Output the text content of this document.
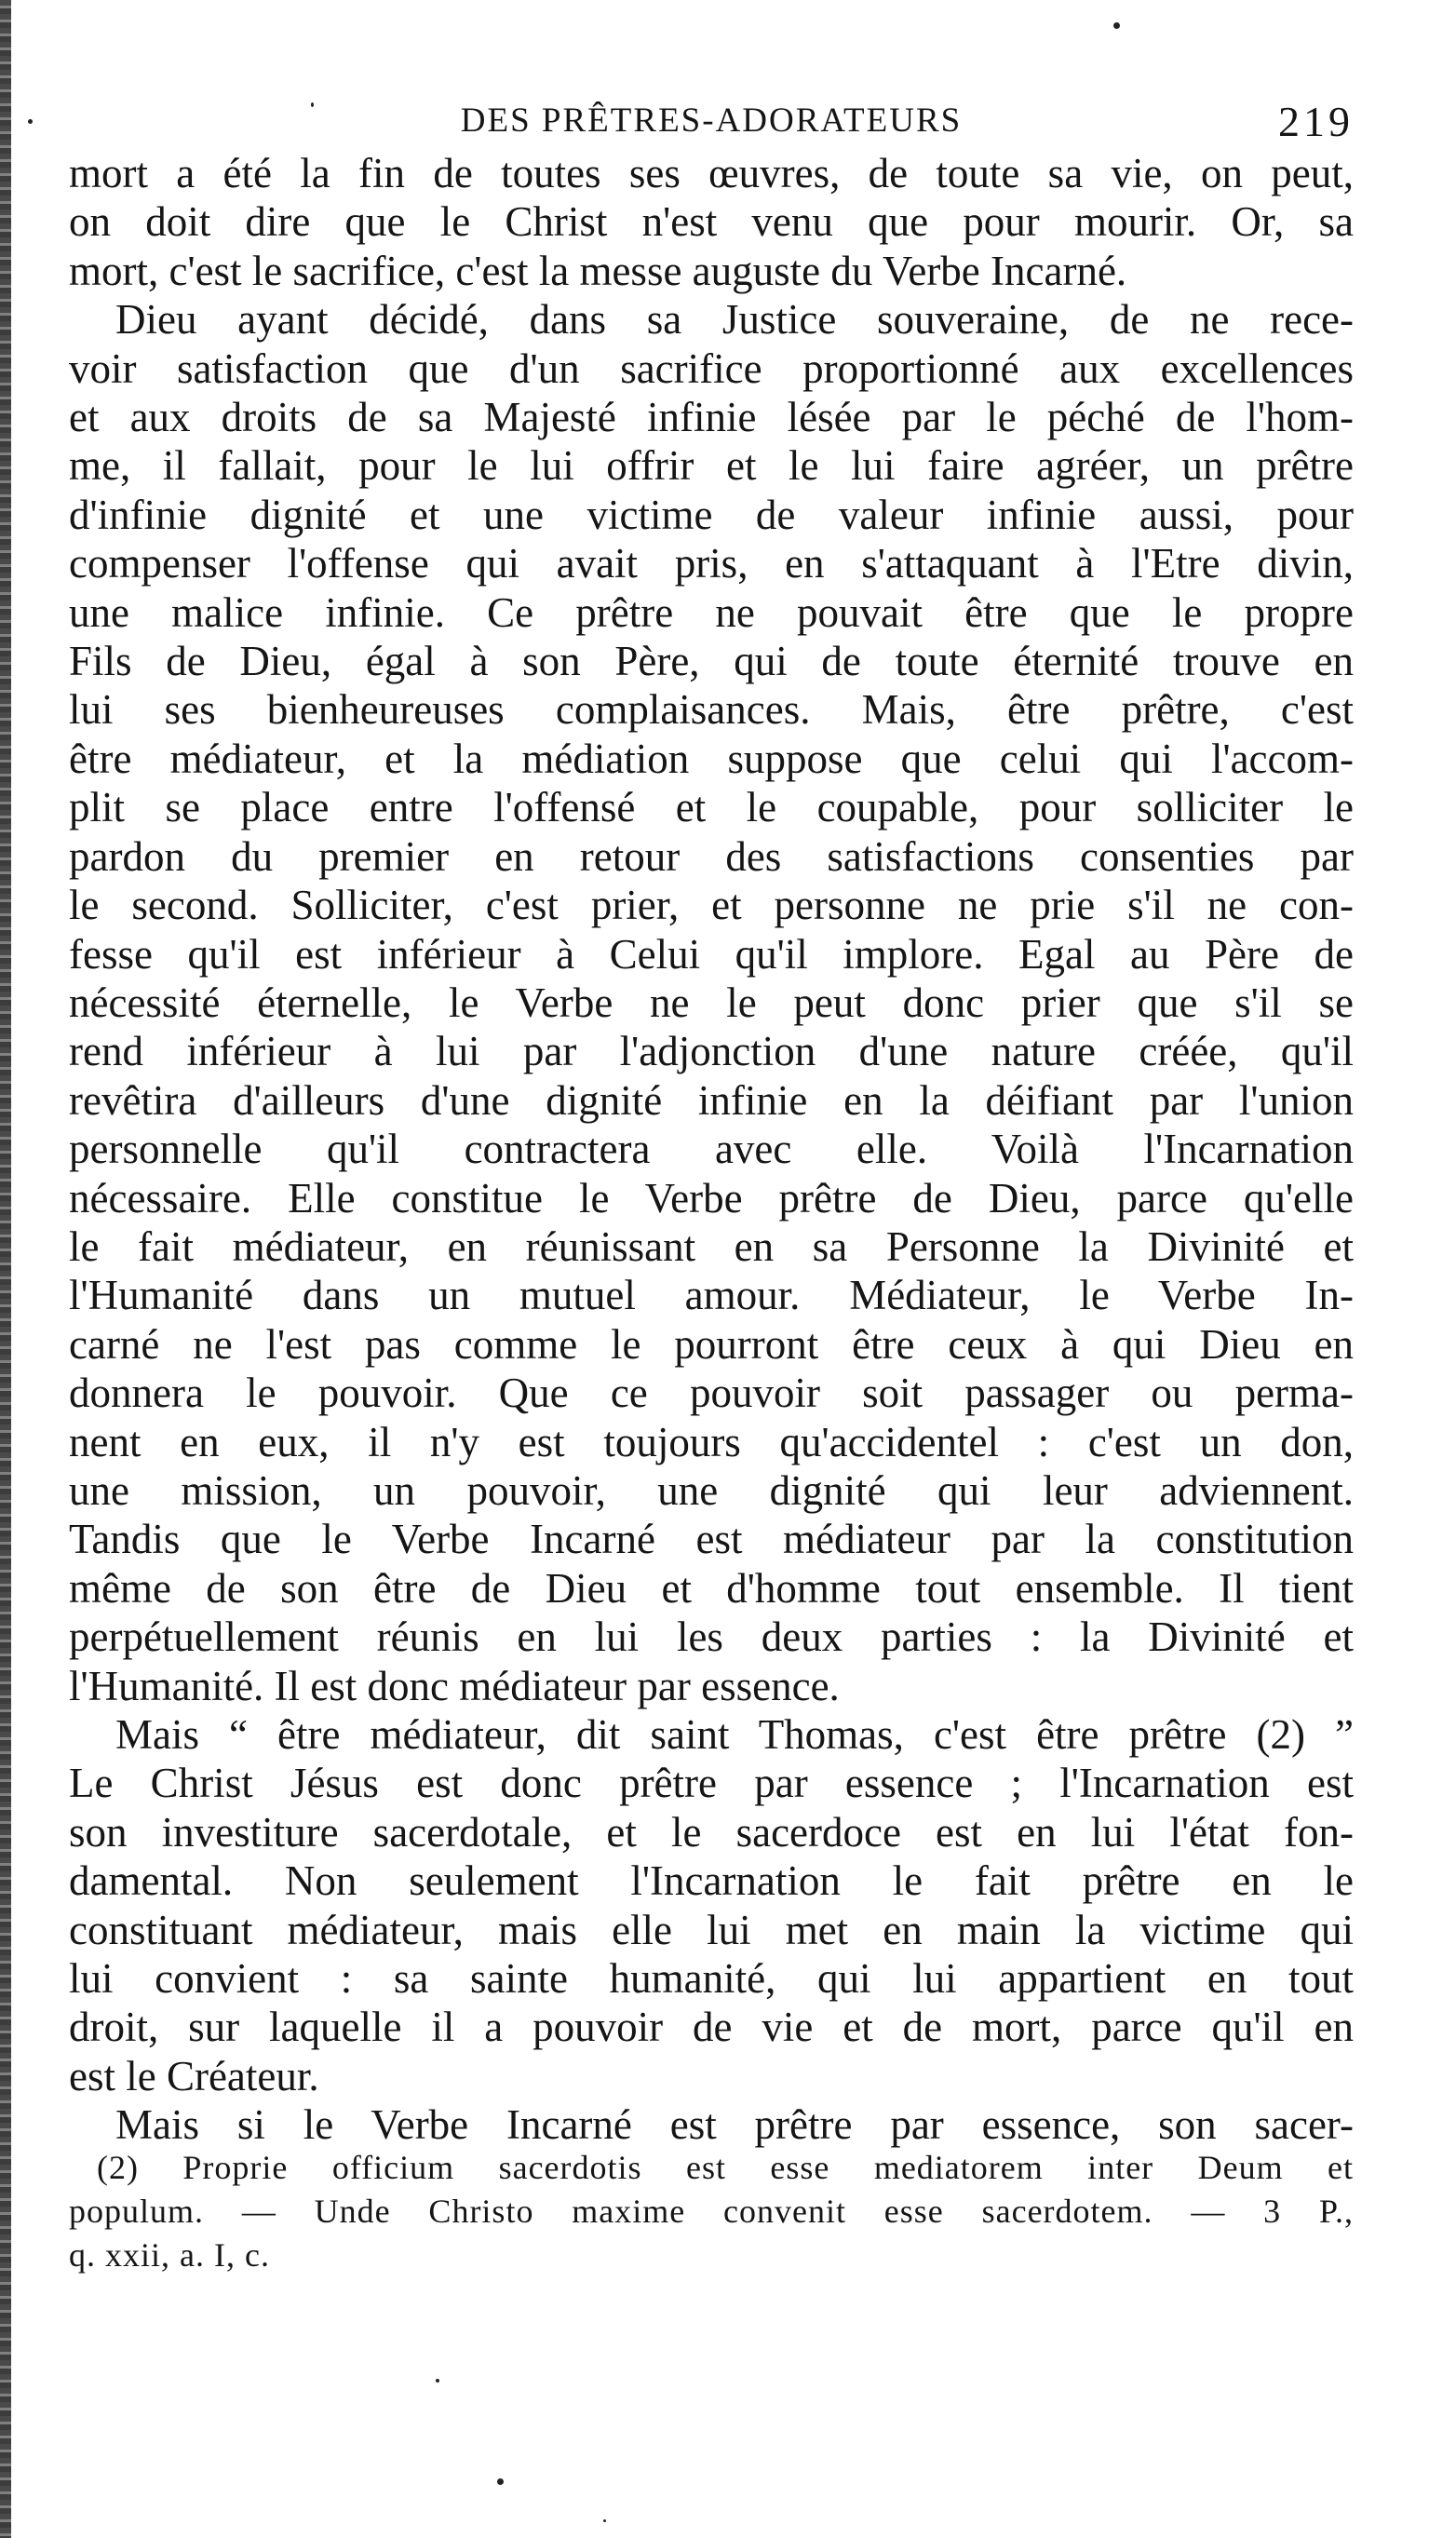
DES PRÊTRES-ADORATEURS	219
mort a été la fin de toutes ses œuvres, de toute sa vie, on peut,
on doit dire que le Christ n'est venu que pour mourir. Or, sa
mort, c'est le sacrifice, c'est la messe auguste du Verbe Incarné.
Dieu ayant décidé, dans sa Justice souveraine, de ne rece-
voir satisfaction que d'un sacrifice proportionné aux excellences
et aux droits de sa Majesté infinie lésée par le péché de l'hom-
me, il fallait, pour le lui offrir et le lui faire agréer, un prêtre
d'infinie dignité et une victime de valeur infinie aussi, pour
compenser l'offense qui avait pris, en s'attaquant à l'Etre divin,
une malice infinie. Ce prêtre ne pouvait être que le propre
Fils de Dieu, égal à son Père, qui de toute éternité trouve en
lui ses bienheureuses complaisances. Mais, être prêtre, c'est
être médiateur, et la médiation suppose que celui qui l'accom-
plit se place entre l'offensé et le coupable, pour solliciter le
pardon du premier en retour des satisfactions consenties par
le second. Solliciter, c'est prier, et personne ne prie s'il ne con-
fesse qu'il est inférieur à Celui qu'il implore. Egal au Père de
nécessité éternelle, le Verbe ne le peut donc prier que s'il se
rend inférieur à lui par l'adjonction d'une nature créée, qu'il
revêtira d'ailleurs d'une dignité infinie en la déifiant par l'union
personnelle qu'il contractera avec elle. Voilà l'Incarnation
nécessaire. Elle constitue le Verbe prêtre de Dieu, parce qu'elle
le fait médiateur, en réunissant en sa Personne la Divinité et
l'Humanité dans un mutuel amour. Médiateur, le Verbe In-
carné ne l'est pas comme le pourront être ceux à qui Dieu en
donnera le pouvoir. Que ce pouvoir soit passager ou perma-
nent en eux, il n'y est toujours qu'accidentel : c'est un don,
une mission, un pouvoir, une dignité qui leur adviennent.
Tandis que le Verbe Incarné est médiateur par la constitution
même de son être de Dieu et d'homme tout ensemble. Il tient
perpétuellement réunis en lui les deux parties : la Divinité et
l'Humanité. Il est donc médiateur par essence.
Mais “ être médiateur, dit saint Thomas, c'est être prêtre (2) ”
Le Christ Jésus est donc prêtre par essence ; l'Incarnation est
son investiture sacerdotale, et le sacerdoce est en lui l'état fon-
damental. Non seulement l'Incarnation le fait prêtre en le
constituant médiateur, mais elle lui met en main la victime qui
lui convient : sa sainte humanité, qui lui appartient en tout
droit, sur laquelle il a pouvoir de vie et de mort, parce qu'il en
est le Créateur.
Mais si le Verbe Incarné est prêtre par essence, son sacer-
(2) Proprie officium sacerdotis est esse mediatorem inter Deum et
populum. — Unde Christo maxime convenit esse sacerdotem. — 3 P.,
q. xxii, a. I, c.
